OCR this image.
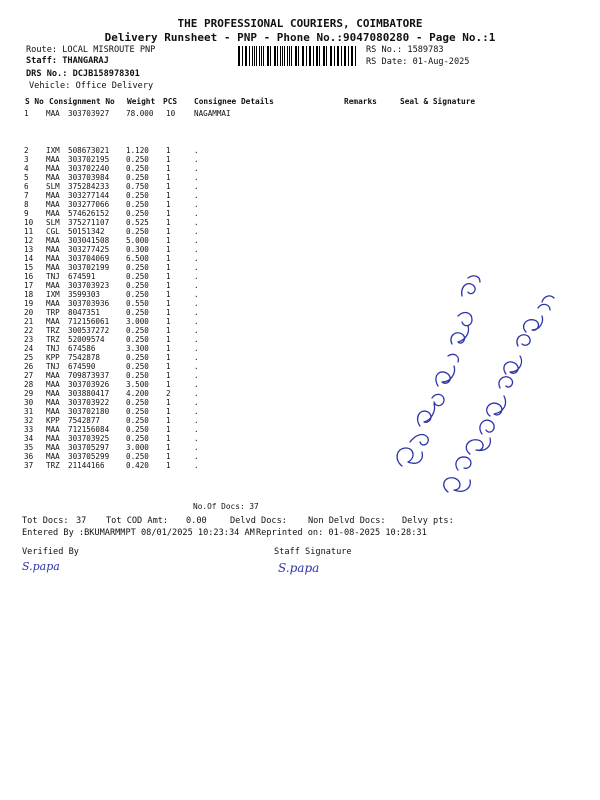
THE PROFESSIONAL COURIERS, COIMBATORE
Delivery Runsheet - PNP - Phone No.:9047080280 - Page No.:1
Route: LOCAL MISROUTE PNP
Staff: THANGARAJ
DRS No.: DCJB158978301
Vehicle: Office Delivery
RS No.: 1589783
RS Date: 01-Aug-2025
S No Consignment No Weight PCS Consignee Details	Remarks	Seal & Signature
1 MAA 303703927 78.000 10 NAGAMMAI
2 IXM 508673021 1.120 1	.
3 MAA 303702195 0.250 1	.
4 MAA 303702240 0.250 1	.
5 MAA 303703984 0.250 1	.
6 SLM 375284233 0.750 1	.
7 MAA 303277144 0.250 1	.
8 MAA 303277066 0.250 1	.
9 MAA 574626152 0.250 1	.
10 SLM 375271107 0.525 1	.
11 CGL 50151342	0.250 1	.
12 MAA 303041508 5.000 1	.
13 MAA 303277425 0.300 1	.
14 MAA 303704069 6.500 1	.
15 MAA 303702199 0.250 1	.
16 TNJ 674591	0.250 1	.
17 MAA 303703923 0.250 1	.
18 IXM 3599303	0.250 1	.
19 MAA 303703936 0.550 1	.
20 TRP 8047351	0.250 1	.
21 MAA 712156061 3.000 1	.
22 TRZ 300537272 0.250 1	.
23 TRZ 52009574	0.250 1	.
24 TNJ 674586	3.300 1	.
25 KPP 7542878	0.250 1	.
26 TNJ 674590	0.250 1	.
27 MAA 709873937 0.250 1	.
28 MAA 303703926 3.500 1	.
29 MAA 303880417 4.200 2	.
30 MAA 303703922 0.250 1	.
31 MAA 303702180 0.250 1	.
32 KPP 7542877	0.250 1	.
33 MAA 712156084 0.250 1	.
34 MAA 303703925 0.250 1	.
35 MAA 303705297 3.000 1	.
36 MAA 303705299 0.250 1	.
37 TRZ 21144166	0.420 1	.
No.Of Docs: 37
Tot Docs: 37 Tot COD Amt: 0.00	Delvd Docs: Non Delvd Docs: Delvy pts:
Entered By :BKUMARMMPT 08/01/2025 10:23:34 AM Reprinted on: 01-08-2025 10:28:31
Verified By	Staff Signature
S.papa	S.papa
